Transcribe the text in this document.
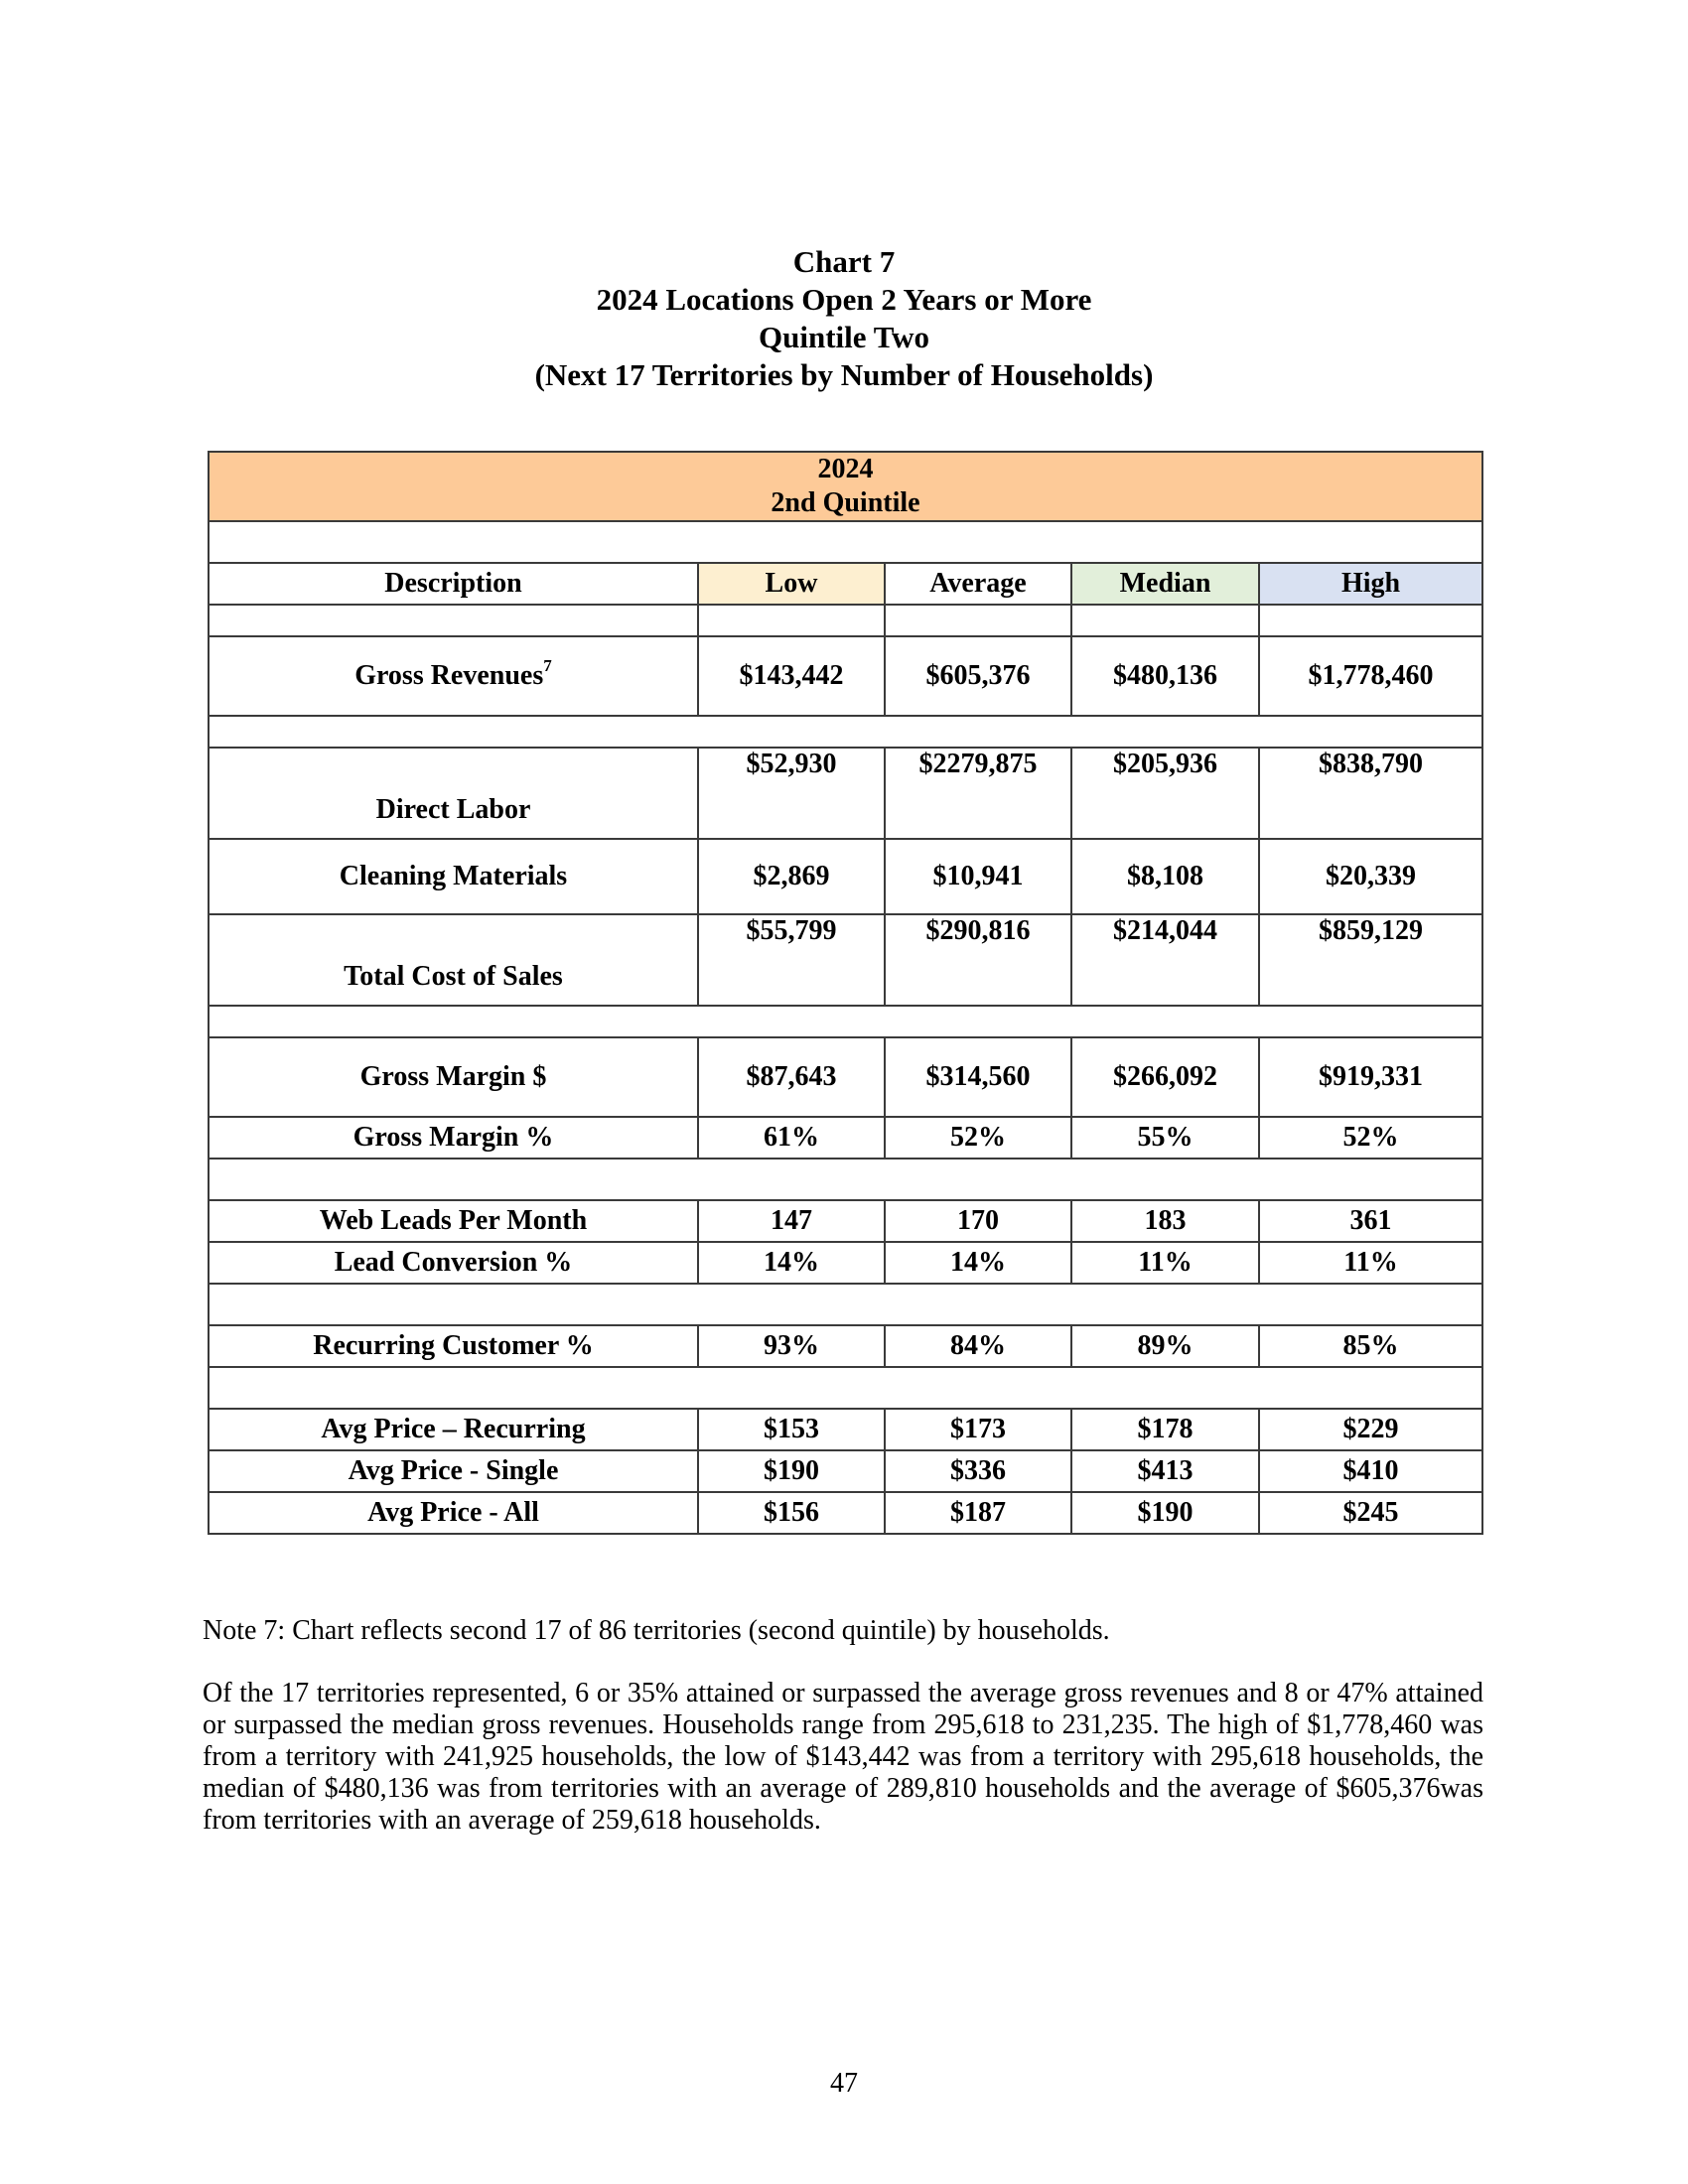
Chart 7
2024 Locations Open 2 Years or More
Quintile Two
(Next 17 Territories by Number of Households)
2024
2nd Quintile				

Description	Low	Average	Median	High

Gross Revenues$^7$	$143,442	$605,376	$480,136	$1,778,460

Direct Labor	$52,930	$2279,875	$205,936	$838,790
Cleaning Materials	$2,869	$10,941	$8,108	$20,339
Total Cost of Sales	$55,799	$290,816	$214,044	$859,129

Gross Margin $	$87,643	$314,560	$266,092	$919,331
Gross Margin %	61%	52%	55%	52%

Web Leads Per Month	147	170	183	361
Lead Conversion %	14%	14%	11%	11%

Recurring Customer %	93%	84%	89%	85%

Avg Price – Recurring	$153	$173	$178	$229
Avg Price - Single	$190	$336	$413	$410
Avg Price - All	$156	$187	$190	$245
Note 7: Chart reflects second 17 of 86 territories (second quintile) by households.
Of the 17 territories represented, 6 or 35% attained or surpassed the average gross revenues and 8 or 47% attained or surpassed the median gross revenues. Households range from 295,618 to 231,235. The high of $1,778,460 was from a territory with 241,925 households, the low of $143,442 was from a territory with 295,618 households, the median of $480,136 was from territories with an average of 289,810 households and the average of $605,376was from territories with an average of 259,618 households.
47
